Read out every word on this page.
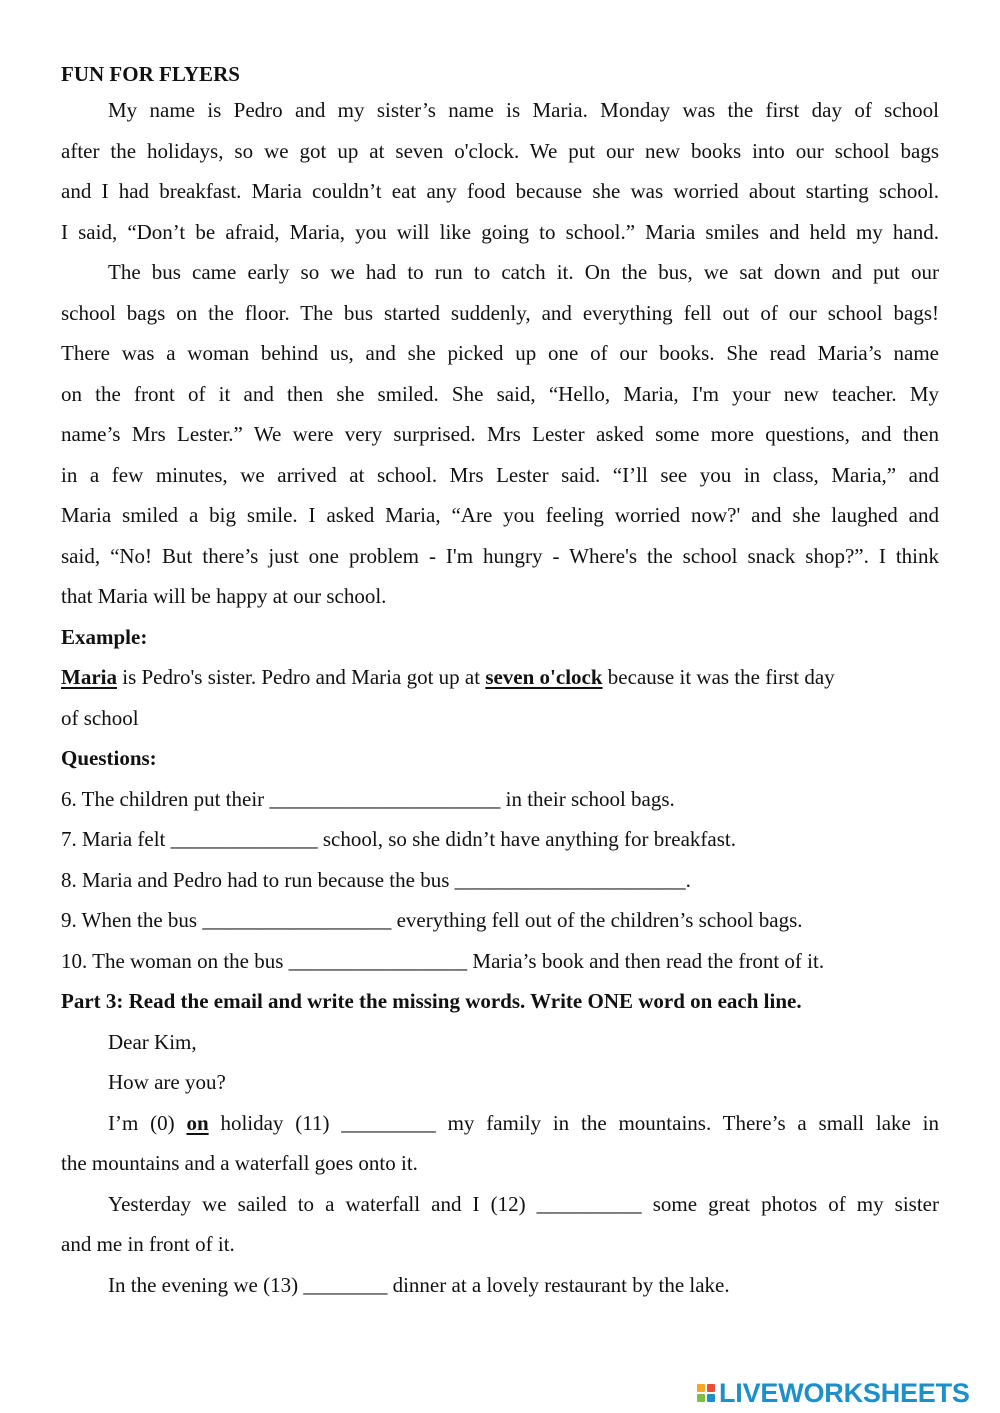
FUN FOR FLYERS
My name is Pedro and my sister’s name is Maria. Monday was the first day of school
after the holidays, so we got up at seven o'clock. We put our new books into our school bags
and I had breakfast. Maria couldn’t eat any food because she was worried about starting school.
I said, “Don’t be afraid, Maria, you will like going to school.” Maria smiles and held my hand.
The bus came early so we had to run to catch it. On the bus, we sat down and put our
school bags on the floor. The bus started suddenly, and everything fell out of our school bags!
There was a woman behind us, and she picked up one of our books. She read Maria’s name
on the front of it and then she smiled. She said, “Hello, Maria, I'm your new teacher. My
name’s Mrs Lester.” We were very surprised. Mrs Lester asked some more questions, and then
in a few minutes, we arrived at school. Mrs Lester said. “I’ll see you in class, Maria,” and
Maria smiled a big smile. I asked Maria, “Are you feeling worried now?' and she laughed and
said, “No! But there’s just one problem - I'm hungry - Where's the school snack shop?”. I think
that Maria will be happy at our school.
Example:
Maria is Pedro's sister. Pedro and Maria got up at seven o'clock because it was the first day
of school
Questions:
6. The children put their ______________________ in their school bags.
7. Maria felt ______________ school, so she didn’t have anything for breakfast.
8. Maria and Pedro had to run because the bus ______________________.
9. When the bus __________________ everything fell out of the children’s school bags.
10. The woman on the bus _________________ Maria’s book and then read the front of it.
Part 3: Read the email and write the missing words. Write ONE word on each line.
Dear Kim,
How are you?
I’m (0) on holiday (11) _________ my family in the mountains. There’s a small lake in
the mountains and a waterfall goes onto it.
Yesterday we sailed to a waterfall and I (12) __________ some great photos of my sister
and me in front of it.
In the evening we (13) ________ dinner at a lovely restaurant by the lake.
LIVEWORKSHEETS
